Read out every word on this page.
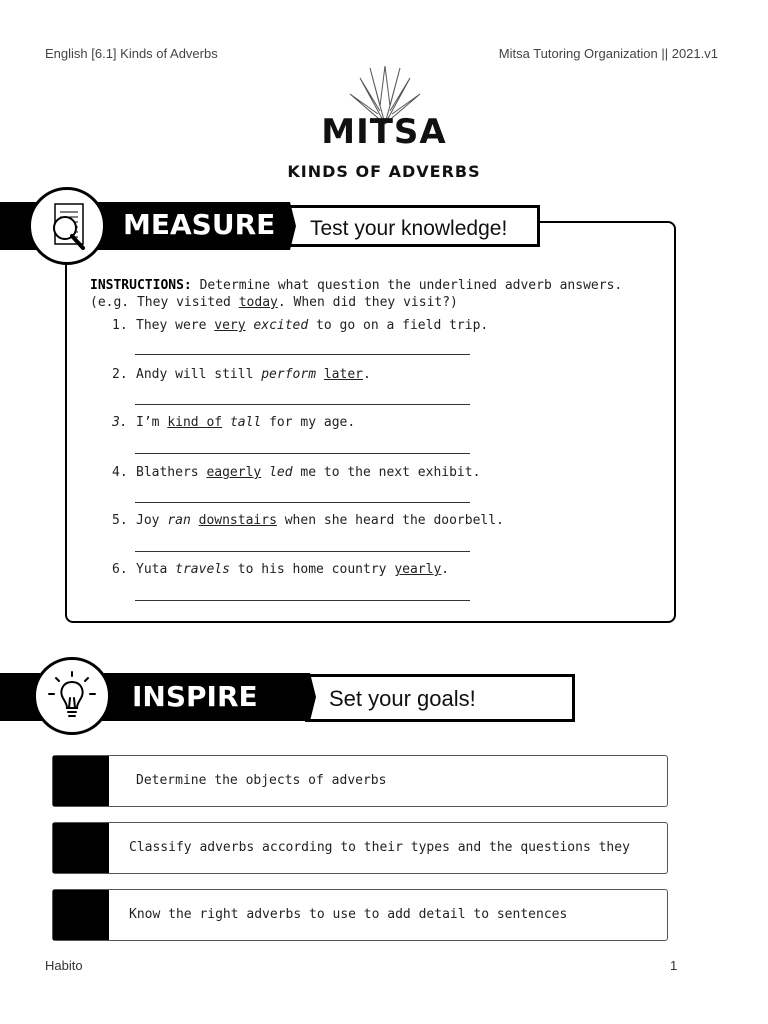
English [6.1] Kinds of Adverbs	Mitsa Tutoring Organization || 2021.v1
MITSA
KINDS OF ADVERBS
Test your knowledge!
MEASURE
INSTRUCTIONS: Determine what question the underlined adverb answers. (e.g. They visited today. When did they visit?)
1. They were very excited to go on a field trip.
2. Andy will still perform later.
3. I’m kind of tall for my age.
4. Blathers eagerly led me to the next exhibit.
5. Joy ran downstairs when she heard the doorbell.
6. Yuta travels to his home country yearly.
Set your goals!
INSPIRE
Determine the objects of adverbs
Classify adverbs according to their types and the questions they
Know the right adverbs to use to add detail to sentences
Habito	1
